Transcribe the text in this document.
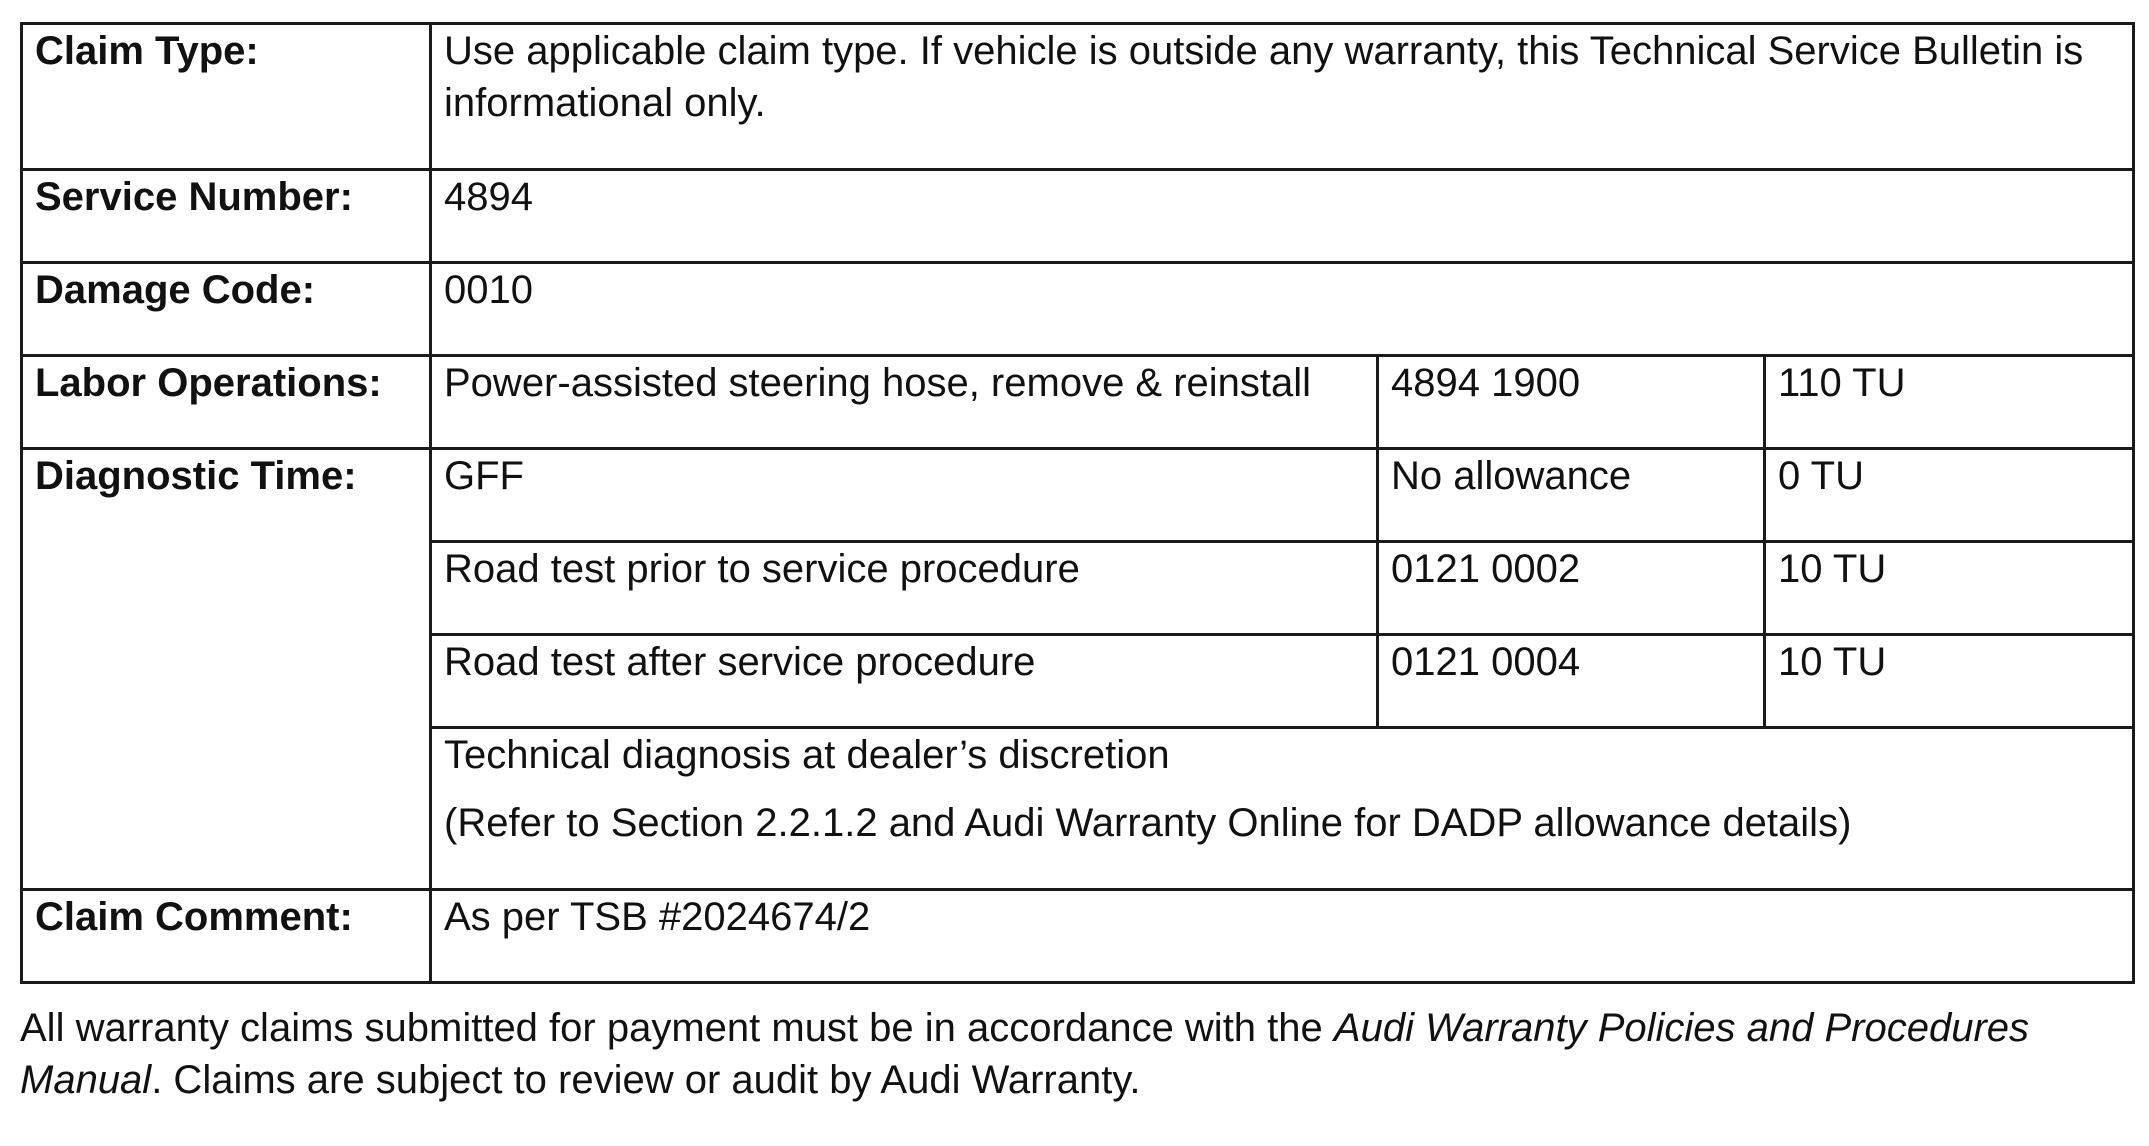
Claim Type:	Use applicable claim type. If vehicle is outside any warranty, this Technical Service Bulletin is informational only.		
Service Number:	4894		
Damage Code:	0010		
Labor Operations:	Power-assisted steering hose, remove & reinstall	4894 1900	110 TU
Diagnostic Time:	GFF	No allowance	0 TU
	Road test prior to service procedure	0121 0002	10 TU
	Road test after service procedure	0121 0004	10 TU

	Technical diagnosis at dealer’s discretion
(Refer to Section 2.2.1.2 and Audi Warranty Online for DADP allowance details)		

Claim Comment:	As per TSB #2024674/2		

All warranty claims submitted for payment must be in accordance with the Audi Warranty Policies and Procedures Manual. Claims are subject to review or audit by Audi Warranty.
